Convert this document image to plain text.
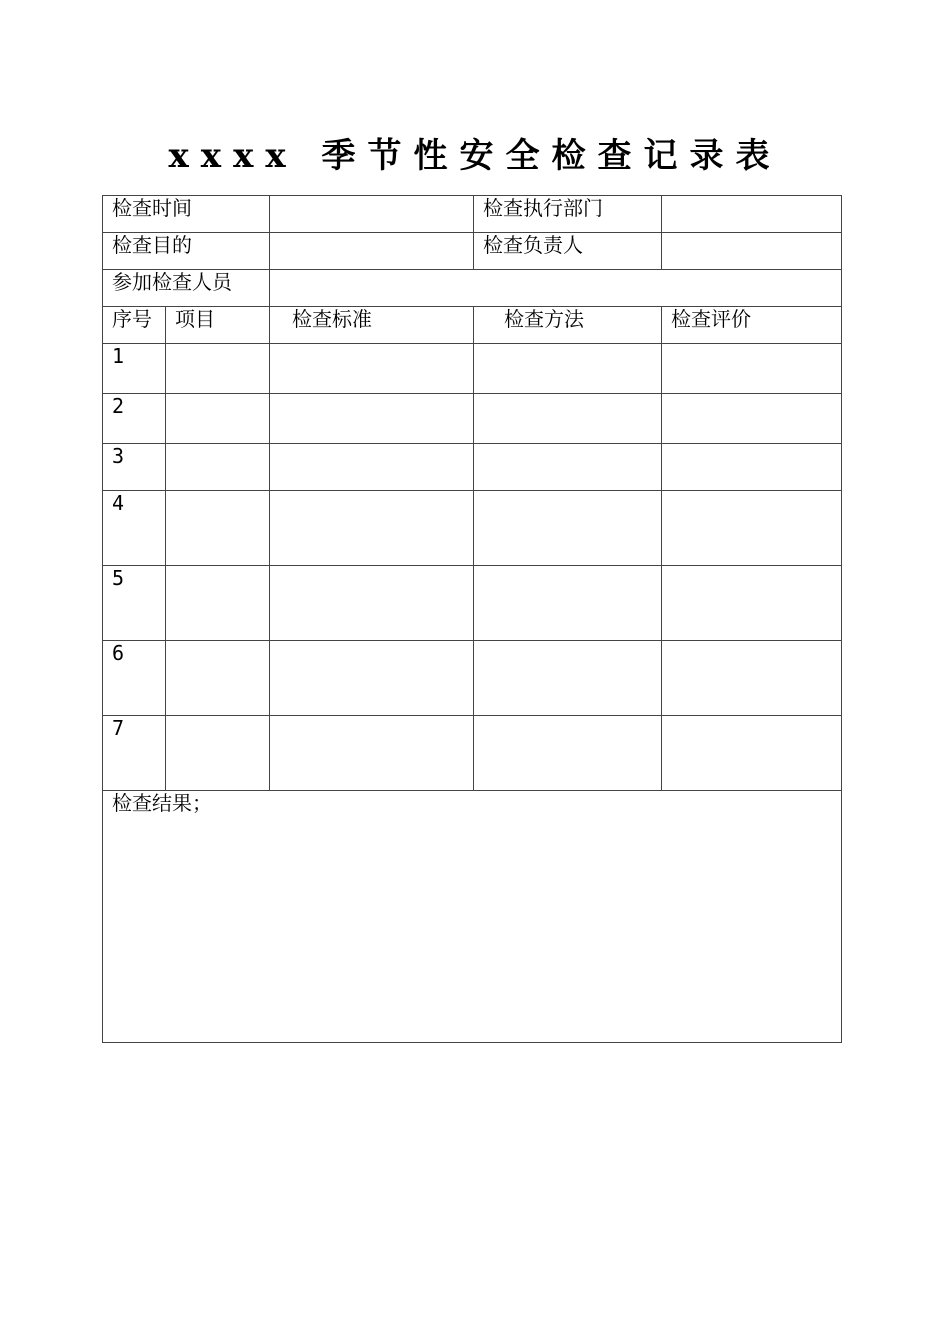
xxxx 季节性安全检查记录表
检查时间			检查执行部门	
检查目的			检查负责人	
参加检查人员				
序号	项目	检查标准	检查方法	检查评价
1				
2				
3				
4				
5				
6				
7				

检查结果；				
